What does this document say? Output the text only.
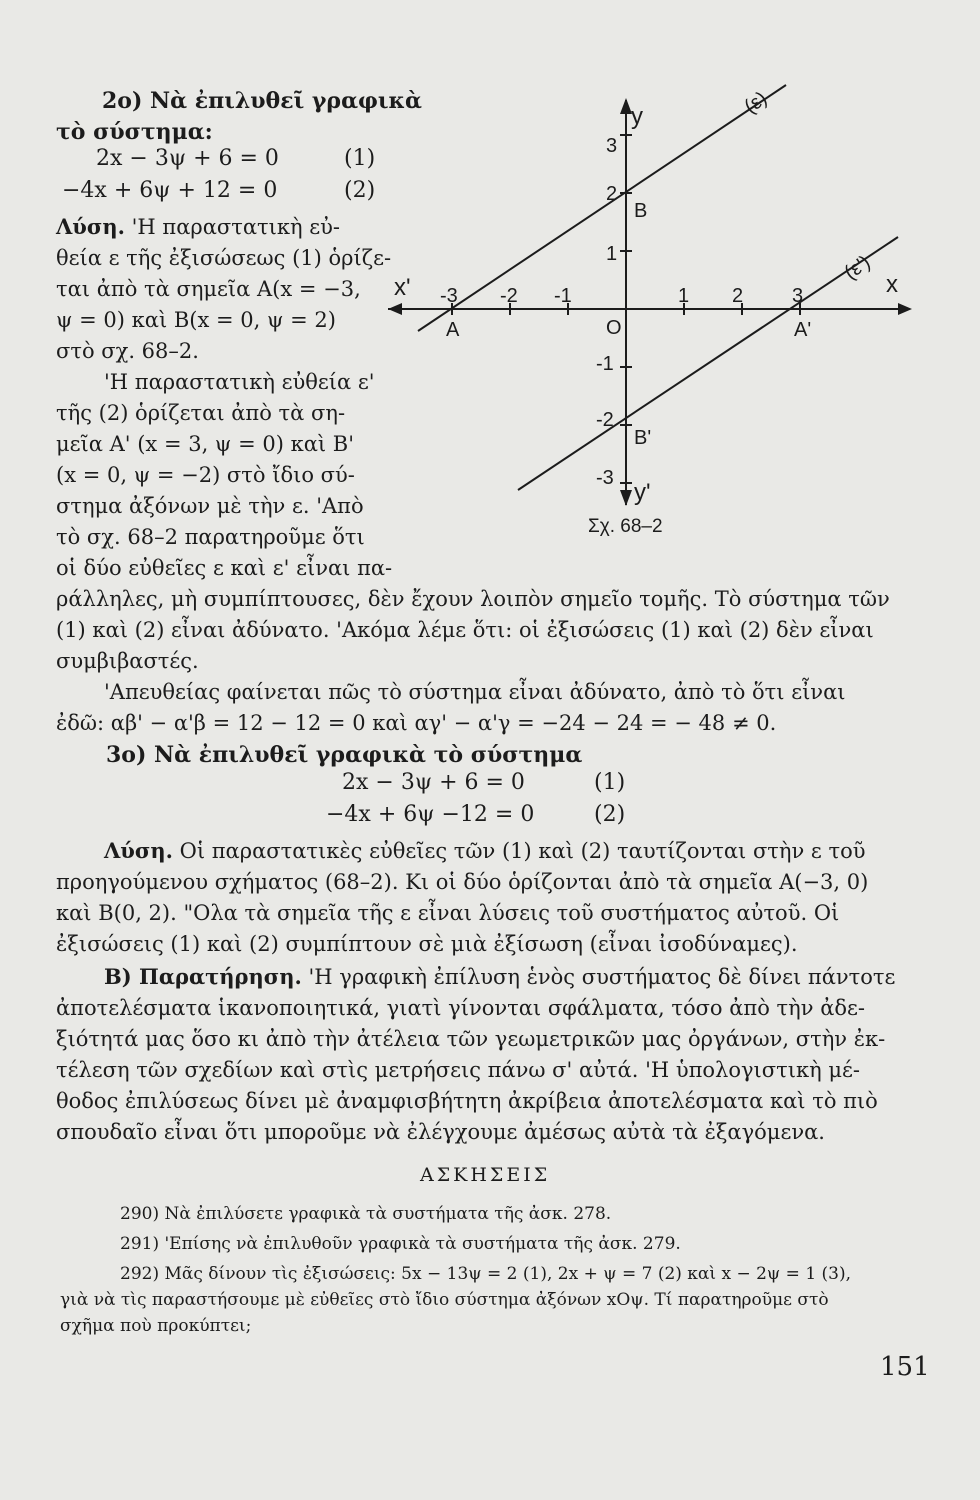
2o) Νὰ ἐπιλυθεῖ γραφικὰ
τὸ σύστημα:
2x − 3ψ + 6 = 0	(1)
−4x + 6ψ + 12 = 0	(2)
Λύση. 'Η παραστατικὴ εὐ-
θεία ε τῆς ἐξισώσεως (1) ὁρίζε-
ται ἀπὸ τὰ σημεῖα A(x = −3,
ψ = 0) καὶ B(x = 0, ψ = 2)
στὸ σχ. 68–2.
'Η παραστατικὴ εὐθεία ε'
τῆς (2) ὁρίζεται ἀπὸ τὰ ση-
μεῖα A' (x = 3, ψ = 0) καὶ B'
(x = 0, ψ = −2) στὸ ἴδιο σύ-
στημα ἀξόνων μὲ τὴν ε. 'Απὸ
τὸ σχ. 68–2 παρατηροῦμε ὅτι
οἱ δύο εὐθεῖες ε καὶ ε' εἶναι πα-
-3 -2 -1	1 2 3
3
2
1
-1
-2
-3
y
y'
x
x'
O
A
B
A'
B'
(ε)
(ε')
Σχ. 68–2
ράλληλες, μὴ συμπίπτουσες, δὲν ἔχουν λοιπὸν σημεῖο τομῆς. Τὸ σύστημα τῶν
(1) καὶ (2) εἶναι ἀδύνατο. 'Ακόμα λέμε ὅτι: οἱ ἐξισώσεις (1) καὶ (2) δὲν εἶναι
συμβιβαστές.
'Απευθείας φαίνεται πῶς τὸ σύστημα εἶναι ἀδύνατο, ἀπὸ τὸ ὅτι εἶναι
ἐδῶ: αβ' − α'β = 12 − 12 = 0 καὶ αγ' − α'γ = −24 − 24 = − 48 ≠ 0.
3o) Νὰ ἐπιλυθεῖ γραφικὰ τὸ σύστημα
2x − 3ψ + 6 = 0	(1)
−4x + 6ψ −12 = 0	(2)
Λύση. Οἱ παραστατικὲς εὐθεῖες τῶν (1) καὶ (2) ταυτίζονται στὴν ε τοῦ
προηγούμενου σχήματος (68–2). Κι οἱ δύο ὁρίζονται ἀπὸ τὰ σημεῖα A(−3, 0)
καὶ B(0, 2). "Ολα τὰ σημεῖα τῆς ε εἶναι λύσεις τοῦ συστήματος αὐτοῦ. Οἱ
ἐξισώσεις (1) καὶ (2) συμπίπτουν σὲ μιὰ ἐξίσωση (εἶναι ἰσοδύναμες).
B) Παρατήρηση. 'Η γραφικὴ ἐπίλυση ἑνὸς συστήματος δὲ δίνει πάντοτε
ἀποτελέσματα ἱκανοποιητικά, γιατὶ γίνονται σφάλματα, τόσο ἀπὸ τὴν ἀδε-
ξιότητά μας ὅσο κι ἀπὸ τὴν ἀτέλεια τῶν γεωμετρικῶν μας ὀργάνων, στὴν ἐκ-
τέλεση τῶν σχεδίων καὶ στὶς μετρήσεις πάνω σ' αὐτά. 'Η ὑπολογιστικὴ μέ-
θοδος ἐπιλύσεως δίνει μὲ ἀναμφισβήτητη ἀκρίβεια ἀποτελέσματα καὶ τὸ πιὸ
σπουδαῖο εἶναι ὅτι μποροῦμε νὰ ἐλέγχουμε ἀμέσως αὐτὰ τὰ ἐξαγόμενα.
ΑΣΚΗΣΕΙΣ
290) Νὰ ἐπιλύσετε γραφικὰ τὰ συστήματα τῆς ἀσκ. 278.
291) 'Επίσης νὰ ἐπιλυθοῦν γραφικὰ τὰ συστήματα τῆς ἀσκ. 279.
292) Μᾶς δίνουν τὶς ἐξισώσεις: 5x − 13ψ = 2 (1), 2x + ψ = 7 (2) καὶ x − 2ψ = 1 (3),
γιὰ νὰ τὶς παραστήσουμε μὲ εὐθεῖες στὸ ἴδιο σύστημα ἀξόνων xOψ. Τί παρατηροῦμε στὸ
σχῆμα ποὺ προκύπτει;
151
